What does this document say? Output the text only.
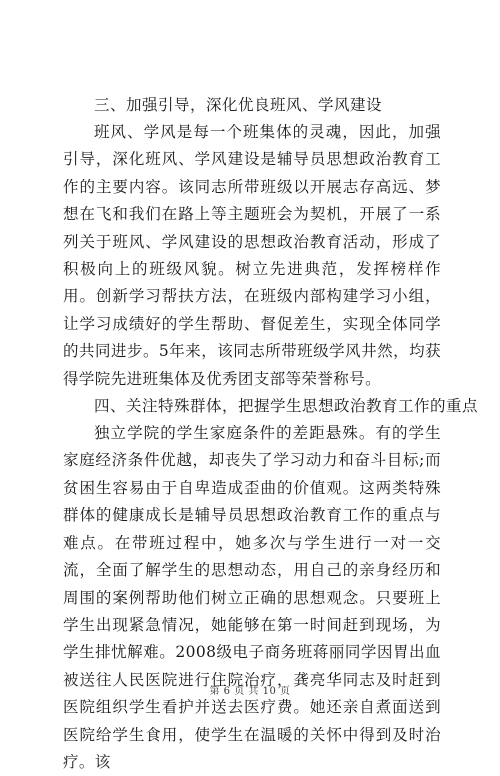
三、加强引导，深化优良班风、学风建设

班风、学风是每一个班集体的灵魂，因此，加强引导，深化班风、学风建设是辅导员思想政治教育工作的主要内容。该同志所带班级以开展志存高远、梦想在飞和我们在路上等主题班会为契机，开展了一系列关于班风、学风建设的思想政治教育活动，形成了积极向上的班级风貌。树立先进典范，发挥榜样作用。创新学习帮扶方法，在班级内部构建学习小组，让学习成绩好的学生帮助、督促差生，实现全体同学的共同进步。5年来，该同志所带班级学风井然，均获得学院先进班集体及优秀团支部等荣誉称号。

四、关注特殊群体，把握学生思想政治教育工作的重点

独立学院的学生家庭条件的差距悬殊。有的学生家庭经济条件优越，却丧失了学习动力和奋斗目标;而贫困生容易由于自卑造成歪曲的价值观。这两类特殊群体的健康成长是辅导员思想政治教育工作的重点与难点。在带班过程中，她多次与学生进行一对一交流，全面了解学生的思想动态，用自己的亲身经历和周围的案例帮助他们树立正确的思想观念。只要班上学生出现紧急情况，她能够在第一时间赶到现场，为学生排忧解难。2008级电子商务班蒋丽同学因胃出血被送往人民医院进行住院治疗，龚亮华同志及时赶到医院组织学生看护并送去医疗费。她还亲自煮面送到医院给学生食用，使学生在温暖的关怀中得到及时治疗。该

第 6 页 共 10 页
